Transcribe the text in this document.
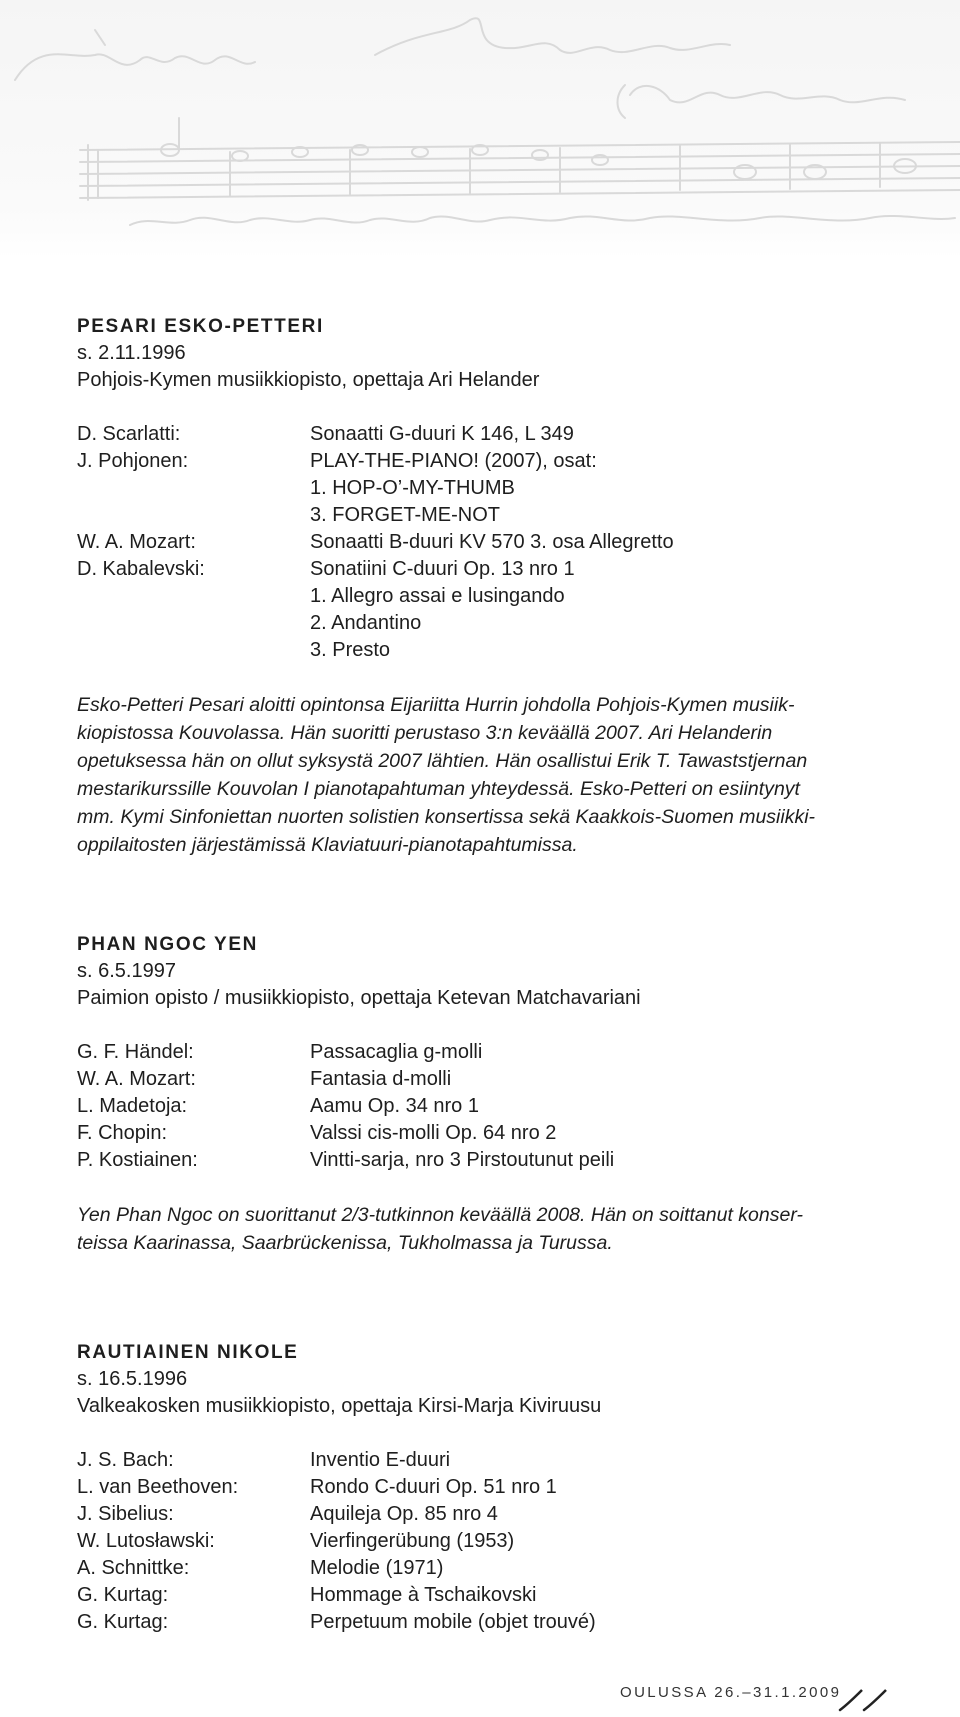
PESARI ESKO-PETTERI
s. 2.11.1996
Pohjois-Kymen musiikkiopisto, opettaja Ari Helander
D. Scarlatti:	Sonaatti G-duuri K 146, L 349
J. Pohjonen:	PLAY-THE-PIANO! (2007), osat:
1. HOP-O’-MY-THUMB
3. FORGET-ME-NOT
W. A. Mozart:	Sonaatti B-duuri KV 570 3. osa Allegretto
D. Kabalevski:	Sonatiini C-duuri Op. 13 nro 1
1. Allegro assai e lusingando
2. Andantino
3. Presto
Esko-Petteri Pesari aloitti opintonsa Eijariitta Hurrin johdolla Pohjois-Kymen musiik-
kiopistossa Kouvolassa. Hän suoritti perustaso 3:n keväällä 2007. Ari Helanderin
opetuksessa hän on ollut syksystä 2007 lähtien. Hän osallistui Erik T. Tawaststjernan
mestarikurssille Kouvolan I pianotapahtuman yhteydessä. Esko-Petteri on esiintynyt
mm. Kymi Sinfoniettan nuorten solistien konsertissa sekä Kaakkois-Suomen musiikki-
oppilaitosten järjestämissä Klaviatuuri-pianotapahtumissa.
PHAN NGOC YEN
s. 6.5.1997
Paimion opisto / musiikkiopisto, opettaja Ketevan Matchavariani
G. F. Händel:	Passacaglia g-molli
W. A. Mozart:	Fantasia d-molli
L. Madetoja:	Aamu Op. 34 nro 1
F. Chopin:	Valssi cis-molli Op. 64 nro 2
P. Kostiainen:	Vintti-sarja, nro 3 Pirstoutunut peili
Yen Phan Ngoc on suorittanut 2/3-tutkinnon keväällä 2008. Hän on soittanut konser-
teissa Kaarinassa, Saarbrückenissa, Tukholmassa ja Turussa.
RAUTIAINEN NIKOLE
s. 16.5.1996
Valkeakosken musiikkiopisto, opettaja Kirsi-Marja Kiviruusu
J. S. Bach:	Inventio E-duuri
L. van Beethoven:	Rondo C-duuri Op. 51 nro 1
J. Sibelius:	Aquileja Op. 85 nro 4
W. Lutosławski:	Vierfingerübung (1953)
A. Schnittke:	Melodie (1971)
G. Kurtag:	Hommage à Tschaikovski
G. Kurtag:	Perpetuum mobile (objet trouvé)
OULUSSA 26.–31.1.2009
